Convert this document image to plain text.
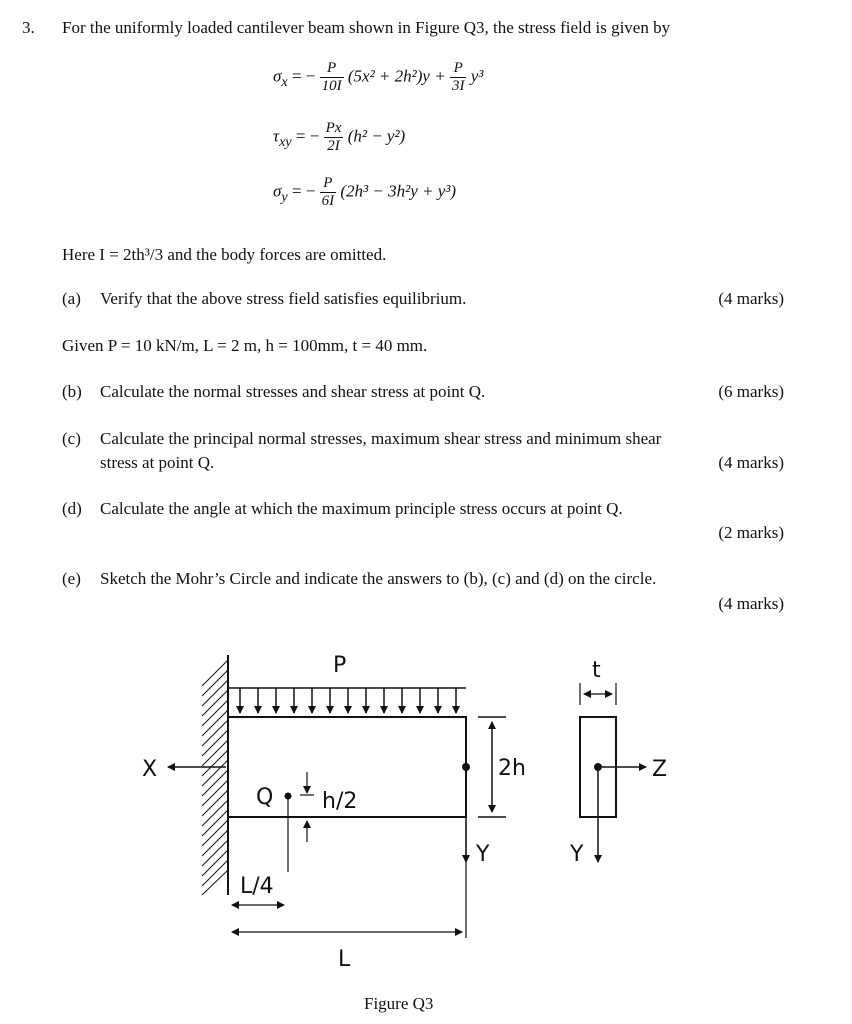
3. For the uniformly loaded cantilever beam shown in Figure Q3, the stress field is given by
$\sigma_x$ = − $\frac{P}{10I} (5x^2 + 2h^2)y + \frac{P}{3I} y^3$
$\tau_{xy}$ = − $\frac{Px}{2I} (h^2 - y^2)$
$\sigma_y$ = − $\frac{P}{6I} (2h^3 - 3h^2y + y^3)$
Here I = 2th³/3 and the body forces are omitted.
(a) Verify that the above stress field satisfies equilibrium.	(4 marks)
Given P = 10 kN/m, L = 2 m, h = 100mm, t = 40 mm.
(b) Calculate the normal stresses and shear stress at point Q.	(6 marks)
(c) Calculate the principal normal stresses, maximum shear stress and minimum shear
stress at point Q.	(4 marks)
(d) Calculate the angle at which the maximum principle stress occurs at point Q.
(2 marks)
(e) Sketch the Mohr’s Circle and indicate the answers to (b), (c) and (d) on the circle.
(4 marks)
P
X
Y
2h
Q h/2
L/4
L
t
Z
Y
Figure Q3
